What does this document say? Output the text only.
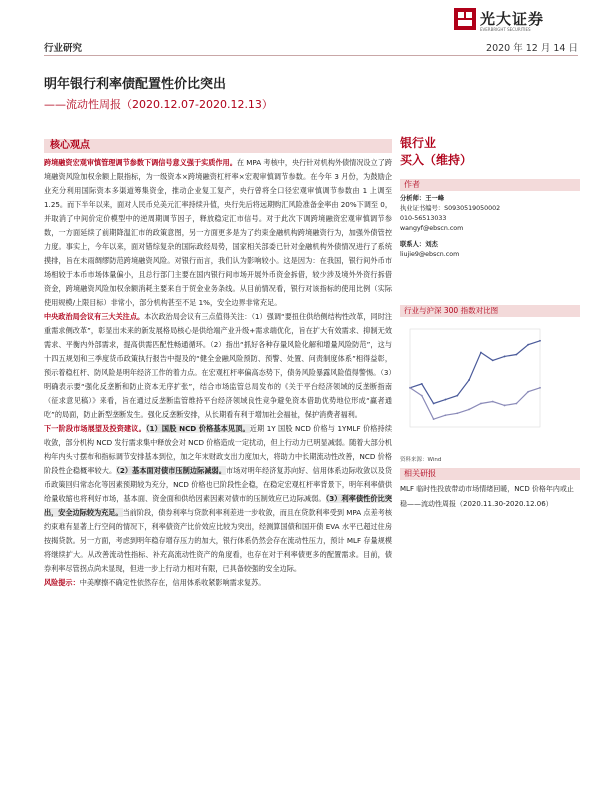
光大证券
EVERBRIGHT SECURITIES
行业研究	2020 年 12 月 14 日
明年银行利率债配置性价比突出
——流动性周报（2020.12.07-2020.12.13）
核心观点

跨境融资宏观审慎管理调节参数下调信号意义强于实质作用。在 MPA 考核中，央行针对机构外债情况设立了跨境融资风险加权余额上限指标，为一级资本×跨境融资杠杆率×宏观审慎调节参数。在今年 3 月份，为鼓励企业充分利用国际资本多渠道筹集资金，推动企业复工复产，央行曾将全口径宏观审慎调节参数由 1 上调至 1.25。而下半年以来，面对人民币兑美元汇率持续升值，央行先后将远期购汇风险准备金率由 20%下调至 0，并取消了中间价定价模型中的逆周期调节因子，释放稳定汇市信号。对于此次下调跨境融资宏观审慎调节参数，一方面延续了前期降温汇市的政策意图，另一方面更多是为了约束金融机构跨境融资行为，加强外债管控力度。事实上，今年以来，面对错综复杂的国际政经局势，国家相关部委已针对金融机构外债情况进行了系统摸排，旨在未雨绸缪防范跨境融资风险。对银行而言，我们认为影响较小。这是因为：在我国，银行间外币市场相较于本币市场体量偏小，且总行部门主要在国内银行间市场开展外币资金拆借，较少涉及境外外资行拆借资金，跨境融资风险加权余额消耗主要来自于贸金业务条线。从目前情况看，银行对该指标的使用比例（实际使用规模/上限目标）非常小，部分机构甚至不足 1%，安全边界非常充足。

中央政治局会议有三大关注点。本次政治局会议有三点值得关注：（1）强调“要扭住供给侧结构性改革，同时注重需求侧改革”，彰显出未来的新发展格局核心是供给端产业升级+需求端优化，旨在扩大有效需求、抑制无效需求、平衡内外部需求，提高供需匹配性畅通循环。（2）指出“抓好各种存量风险化解和增量风险防范”，这与十四五规划和三季度货币政策执行报告中提及的“健全金融风险预防、预警、处置、问责制度体系”相得益彰，预示着稳杠杆、防风险是明年经济工作的着力点。在宏观杠杆率偏高态势下，债务风险暴露风险值得警惕。（3）明确表示要“强化反垄断和防止资本无序扩张”，结合市场监管总局发布的《关于平台经济领域的反垄断指南（征求意见稿）》来看，旨在通过反垄断监管维持平台经济领域良性竞争避免资本借助优势地位形成“赢者通吃”的局面，防止新型垄断发生。强化反垄断安排，从长期看有利于增加社会福祉，保护消费者福利。

下一阶段市场展望及投资建议。（1）国股 NCD 价格基本见顶。近期 1Y 国股 NCD 价格与 1YMLF 价格持续收敛，部分机构 NCD 发行需求集中释放会对 NCD 价格造成一定扰动，但上行动力已明显减弱。随着大部分机构年内头寸摆布和指标调节安排基本到位，加之年末财政支出力度加大，将助力中长期流动性改善，NCD 价格阶段性企稳概率较大。（2）基本面对债市压制边际减弱。市场对明年经济复苏向好、信用体系边际收敛以及货币政策回归常态化等因素预期较为充分，NCD 价格也已阶段性企稳，在稳定宏观杠杆率背景下，明年利率债供给量收缩也将利好市场，基本面、资金面和供给因素因素对债市的压制效应已边际减弱。（3）利率债性价比突出，安全边际较为充足。当前阶段，债券利率与贷款利率利差进一步收敛，而且在贷款利率受到 MPA 点差考核约束难有显著上行空间的情况下，利率债资产比价效应比较为突出，经测算国债和国开债 EVA 水平已超过住房按揭贷款。另一方面，考虑到明年稳存增存压力的加大，银行体系仍然会存在流动性压力，预计 MLF 存量规模将继续扩大。从改善流动性指标、补充高流动性资产的角度看，也存在对于利率债更多的配置需求。目前，债券利率尽管拐点尚未显现，但进一步上行动力相对有限，已具备较强的安全边际。

风险提示：中美摩擦不确定性依然存在，信用体系收紧影响需求复苏。

银行业
买入（维持）
作者
分析师：王一峰
执业证书编号：S0930519050002
010-56513033
wangyf@ebscn.com
联系人：刘杰
liujie9@ebscn.com
行业与沪深 300 指数对比图
资料来源：Wind
相关研报
MLF 临时性投放带动市场情绪回暖，NCD 价格年内或止稳——流动性周报（2020.11.30-2020.12.06）
